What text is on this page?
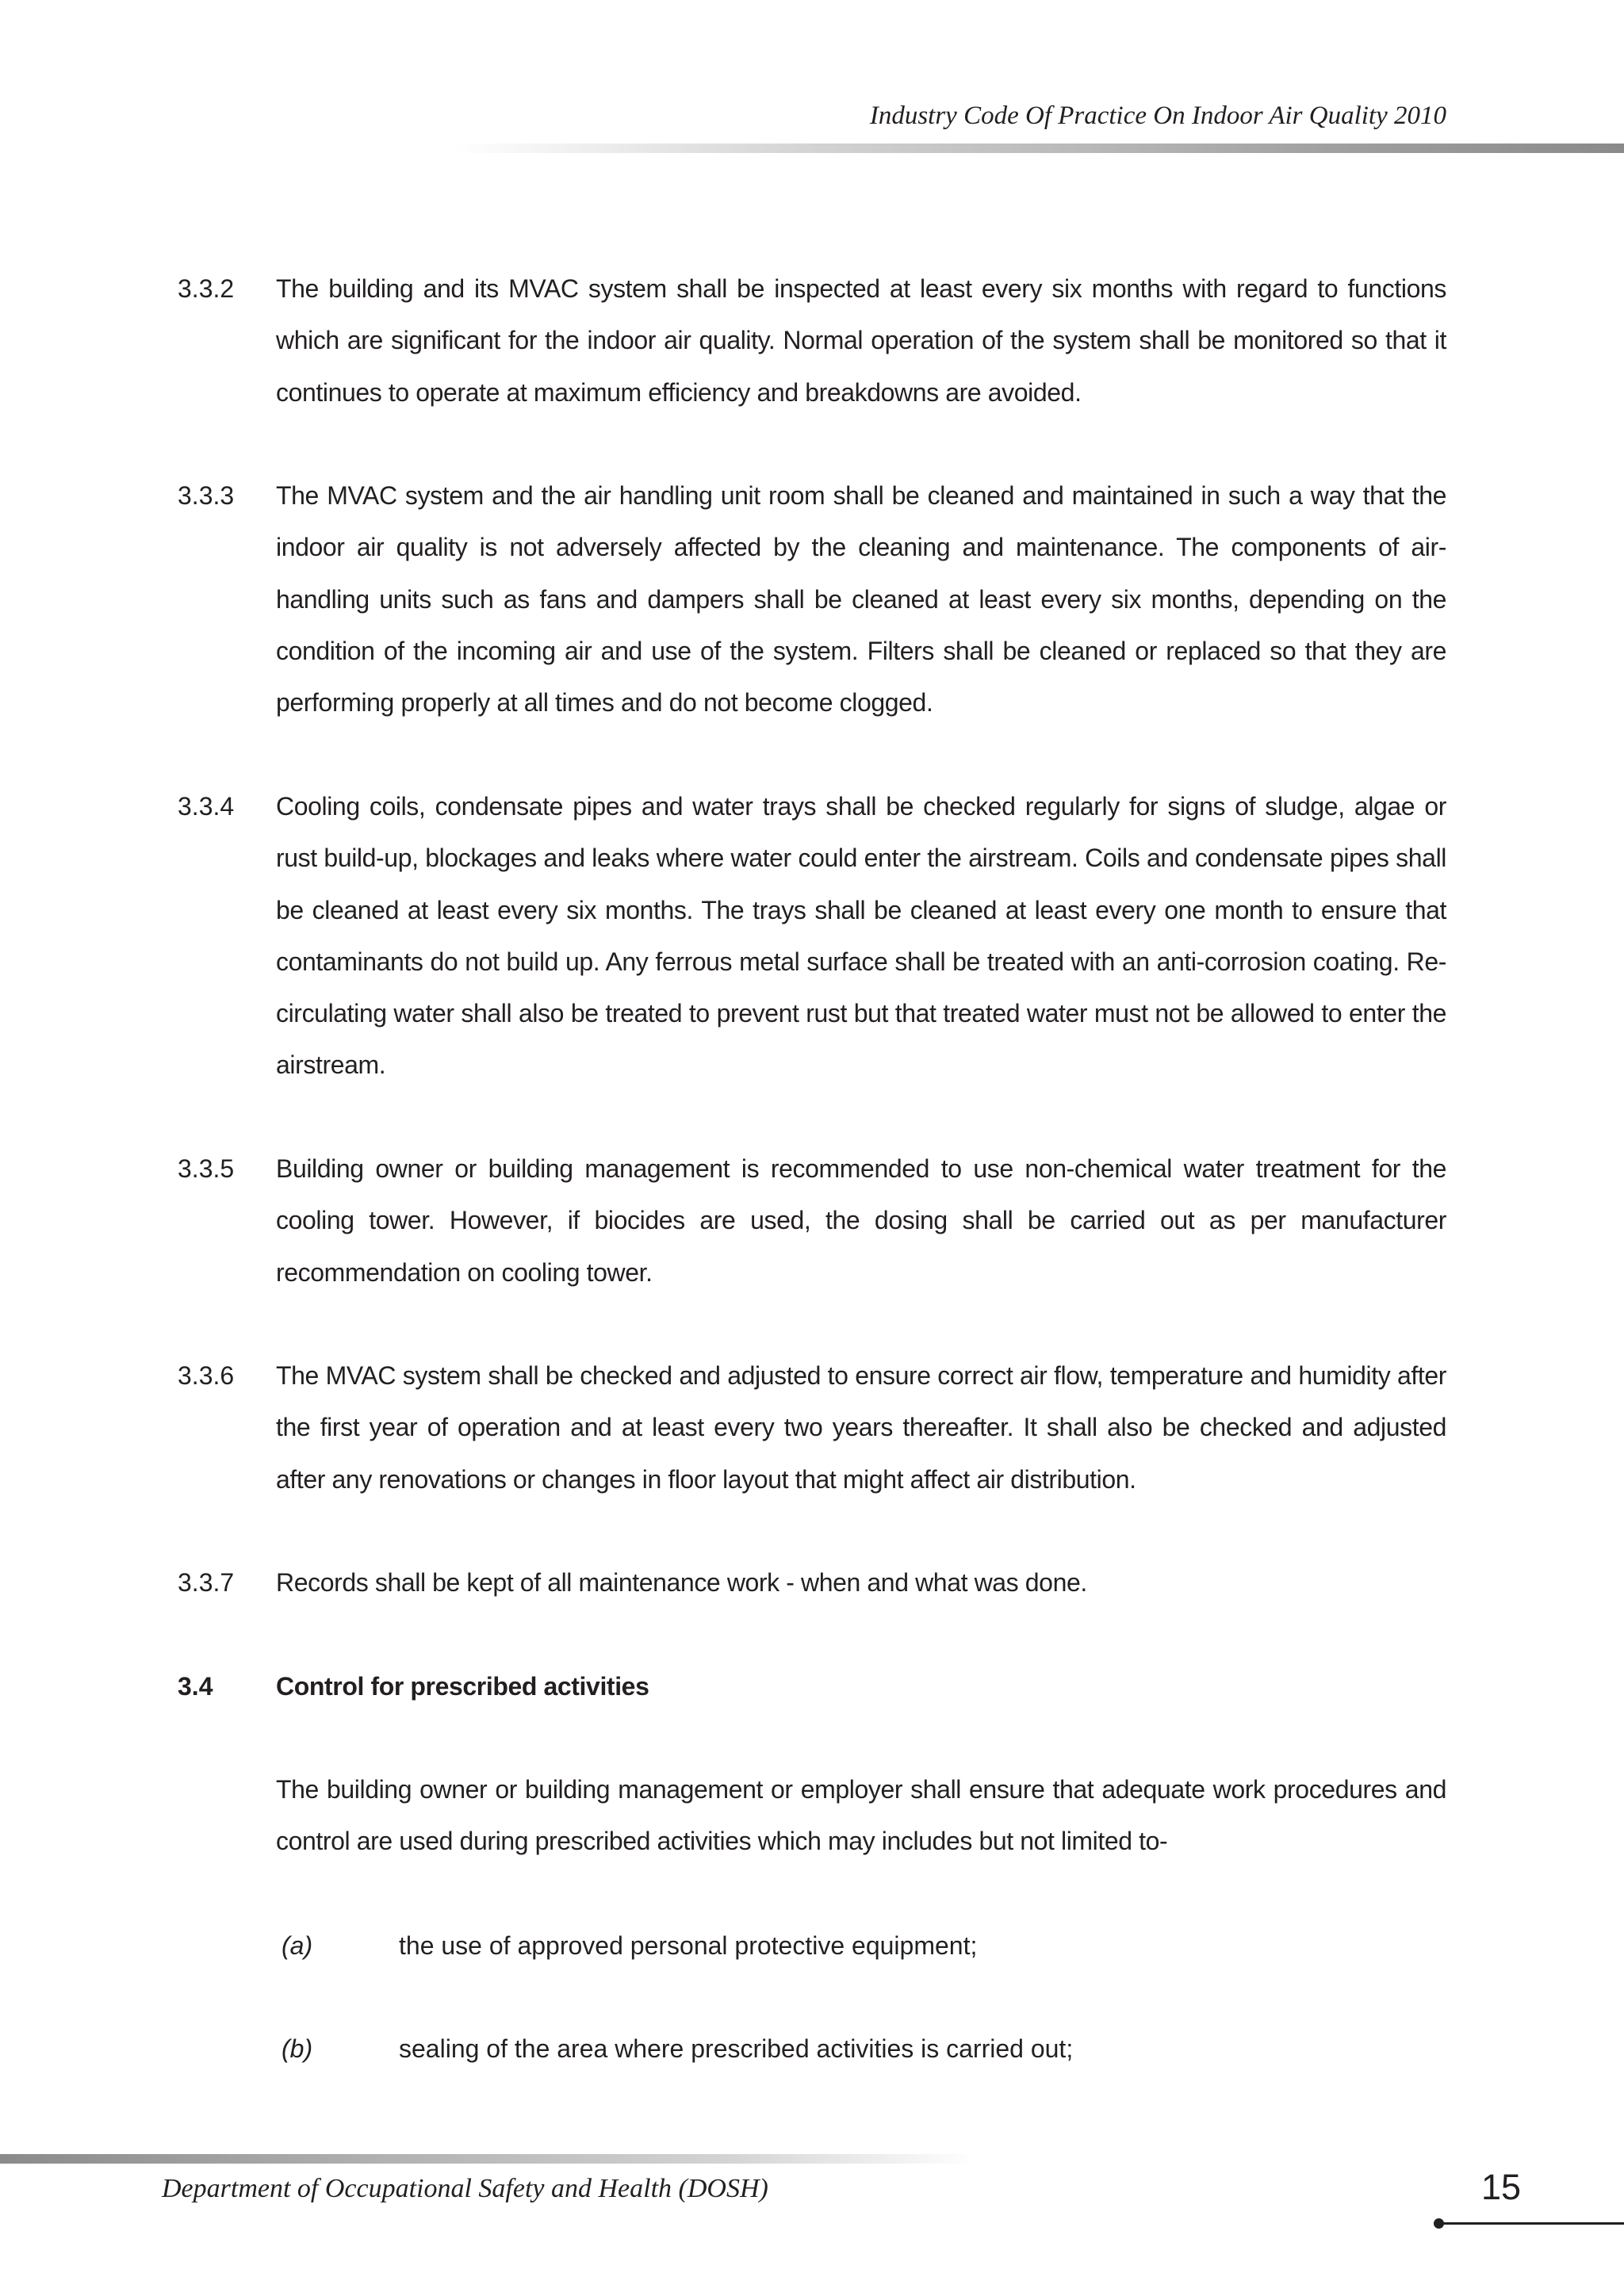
Industry Code Of Practice On Indoor Air Quality 2010
3.3.2 The building and its MVAC system shall be inspected at least every six months with regard to functions which are significant for the indoor air quality. Normal operation of the system shall be monitored so that it continues to operate at maximum efficiency and breakdowns are avoided.
3.3.3 The MVAC system and the air handling unit room shall be cleaned and maintained in such a way that the indoor air quality is not adversely affected by the cleaning and maintenance. The components of air-handling units such as fans and dampers shall be cleaned at least every six months, depending on the condition of the incoming air and use of the system. Filters shall be cleaned or replaced so that they are performing properly at all times and do not become clogged.
3.3.4 Cooling coils, condensate pipes and water trays shall be checked regularly for signs of sludge, algae or rust build-up, blockages and leaks where water could enter the airstream. Coils and condensate pipes shall be cleaned at least every six months. The trays shall be cleaned at least every one month to ensure that contaminants do not build up. Any ferrous metal surface shall be treated with an anti-corrosion coating. Re-circulating water shall also be treated to prevent rust but that treated water must not be allowed to enter the airstream.
3.3.5 Building owner or building management is recommended to use non-chemical water treatment for the cooling tower. However, if biocides are used, the dosing shall be carried out as per manufacturer recommendation on cooling tower.
3.3.6 The MVAC system shall be checked and adjusted to ensure correct air flow, temperature and humidity after the first year of operation and at least every two years thereafter. It shall also be checked and adjusted after any renovations or changes in floor layout that might affect air distribution.
3.3.7 Records shall be kept of all maintenance work - when and what was done.
3.4 Control for prescribed activities
The building owner or building management or employer shall ensure that adequate work procedures and control are used during prescribed activities which may includes but not limited to-
(a)	the use of approved personal protective equipment;
(b)	sealing of the area where prescribed activities is carried out;
Department of Occupational Safety and Health (DOSH)	15
